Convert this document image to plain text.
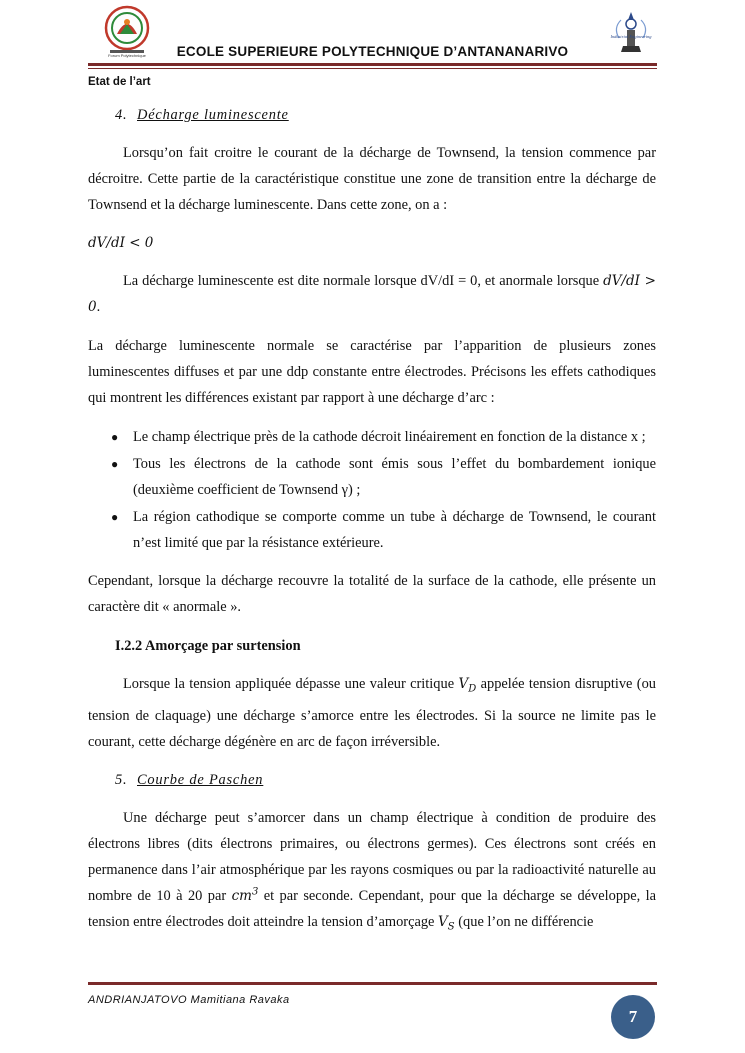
Forum Polytechnique
Industrial Engineering
ECOLE SUPERIEURE POLYTECHNIQUE D’ANTANANARIVO
Etat de l’art

4. Décharge luminescente

Lorsqu’on fait croitre le courant de la décharge de Townsend, la tension commence par décroitre. Cette partie de la caractéristique constitue une zone de transition entre la décharge de Townsend et la décharge luminescente. Dans cette zone, on a :

dV/dI < 0

La décharge luminescente est dite normale lorsque dV/dI = 0, et anormale lorsque dV/dI > 0.

La décharge luminescente normale se caractérise par l’apparition de plusieurs zones luminescentes diffuses et par une ddp constante entre électrodes. Précisons les effets cathodiques qui montrent les différences existant par rapport à une décharge d’arc :

● Le champ électrique près de la cathode décroit linéairement en fonction de la distance x ;
● Tous les électrons de la cathode sont émis sous l’effet du bombardement ionique (deuxième coefficient de Townsend γ) ;
● La région cathodique se comporte comme un tube à décharge de Townsend, le courant n’est limité que par la résistance extérieure.

Cependant, lorsque la décharge recouvre la totalité de la surface de la cathode, elle présente un caractère dit « anormale ».

I.2.2 Amorçage par surtension

Lorsque la tension appliquée dépasse une valeur critique $V_D$ appelée tension disruptive (ou tension de claquage) une décharge s’amorce entre les électrodes. Si la source ne limite pas le courant, cette décharge dégénère en arc de façon irréversible.

5. Courbe de Paschen

Une décharge peut s’amorcer dans un champ électrique à condition de produire des électrons libres (dits électrons primaires, ou électrons germes). Ces électrons sont créés en permanence dans l’air atmosphérique par les rayons cosmiques ou par la radioactivité naturelle au nombre de 10 à 20 par $cm^3$ et par seconde. Cependant, pour que la décharge se développe, la tension entre électrodes doit atteindre la tension d’amorçage $V_S$ (que l’on ne différencie

ANDRIANJATOVO Mamitiana Ravaka
7
